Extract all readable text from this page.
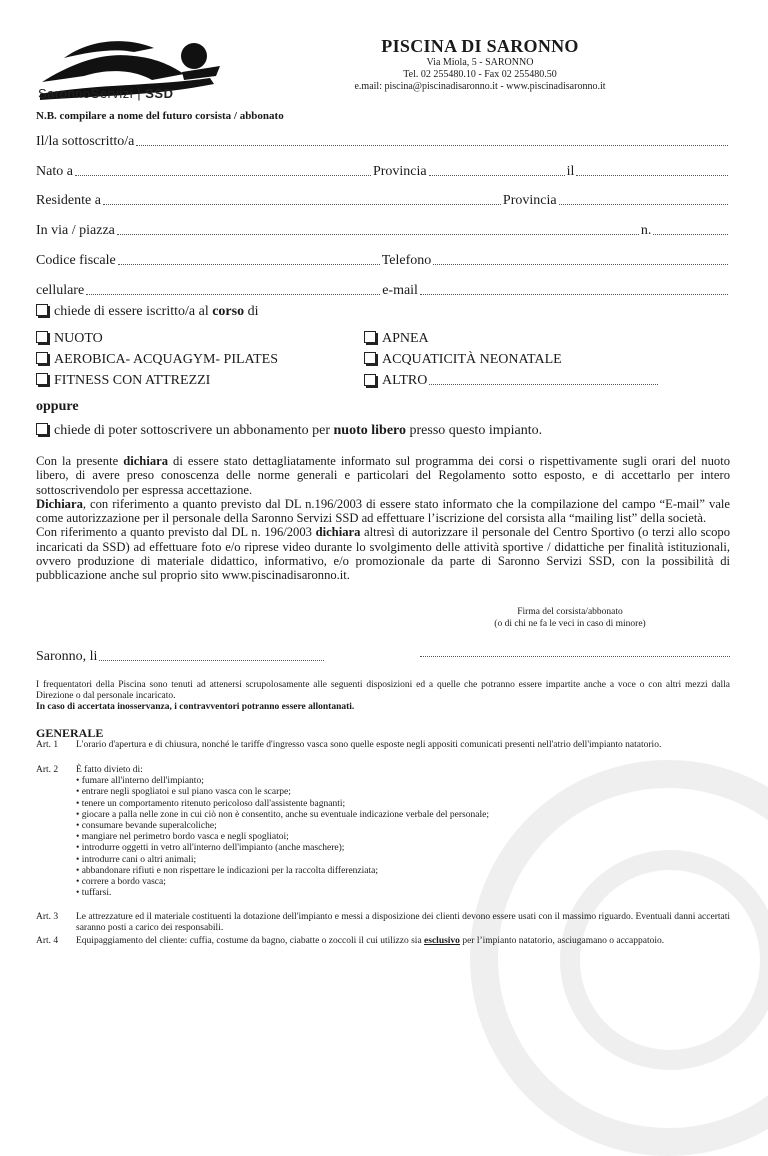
SaronnoServizi | SSD
PISCINA DI SARONNO
Via Miola, 5 - SARONNO
Tel. 02 255480.10 - Fax 02 255480.50
e.mail: piscina@piscinadisaronno.it - www.piscinadisaronno.it
N.B. compilare a nome del futuro corsista / abbonato
Il/la sottoscritto/a
Nato a	Provincia	il
Residente a	Provincia
In via / piazza	n.
Codice fiscale	Telefono
cellulare	e-mail
chiede di essere iscritto/a al corso di
NUOTO
AEROBICA- ACQUAGYM- PILATES
FITNESS CON ATTREZZI
APNEA
ACQUATICITÀ NEONATALE
ALTRO
oppure
chiede di poter sottoscrivere un abbonamento per nuoto libero presso questo impianto.
Con la presente dichiara di essere stato dettagliatamente informato sul programma dei corsi o rispettivamente sugli orari del nuoto libero, di avere preso conoscenza delle norme generali e particolari del Regolamento sotto esposto, e di accettarlo per intero sottoscrivendolo per espressa accettazione.
Dichiara, con riferimento a quanto previsto dal DL n.196/2003 di essere stato informato che la compilazione del campo “E-mail” vale come autorizzazione per il personale della Saronno Servizi SSD ad effettuare l’iscrizione del corsista alla “mailing list” della società.
Con riferimento a quanto previsto dal DL n. 196/2003 dichiara altresì di autorizzare il personale del Centro Sportivo (o terzi allo scopo incaricati da SSD) ad effettuare foto e/o riprese video durante lo svolgimento delle attività sportive / didattiche per finalità istituzionali, ovvero produzione di materiale didattico, informativo, e/o promozionale da parte di Saronno Servizi SSD, con la possibilità di pubblicazione anche sul proprio sito www.piscinadisaronno.it.
Firma del corsista/abbonato
(o di chi ne fa le veci in caso di minore)
Saronno, li
I frequentatori della Piscina sono tenuti ad attenersi scrupolosamente alle seguenti disposizioni ed a quelle che potranno essere impartite anche a voce o con altri mezzi dalla Direzione o dal personale incaricato.
In caso di accertata inosservanza, i contravventori potranno essere allontanati.
GENERALE
Art. 1 L'orario d'apertura e di chiusura, nonché le tariffe d'ingresso vasca sono quelle esposte negli appositi comunicati presenti nell'atrio dell'impianto natatorio.
Art. 2 È fatto divieto di:
• fumare all'interno dell'impianto;
• entrare negli spogliatoi e sul piano vasca con le scarpe;
• tenere un comportamento ritenuto pericoloso dall'assistente bagnanti;
• giocare a palla nelle zone in cui ciò non è consentito, anche su eventuale indicazione verbale del personale;
• consumare bevande superalcoliche;
• mangiare nel perimetro bordo vasca e negli spogliatoi;
• introdurre oggetti in vetro all'interno dell'impianto (anche maschere);
• introdurre cani o altri animali;
• abbandonare rifiuti e non rispettare le indicazioni per la raccolta differenziata;
• correre a bordo vasca;
• tuffarsi.
Art. 3 Le attrezzature ed il materiale costituenti la dotazione dell'impianto e messi a disposizione dei clienti devono essere usati con il massimo riguardo. Eventuali danni accertati saranno posti a carico dei responsabili.
Art. 4 Equipaggiamento del cliente: cuffia, costume da bagno, ciabatte o zoccoli il cui utilizzo sia esclusivo per l’impianto natatorio, asciugamano o accappatoio.
